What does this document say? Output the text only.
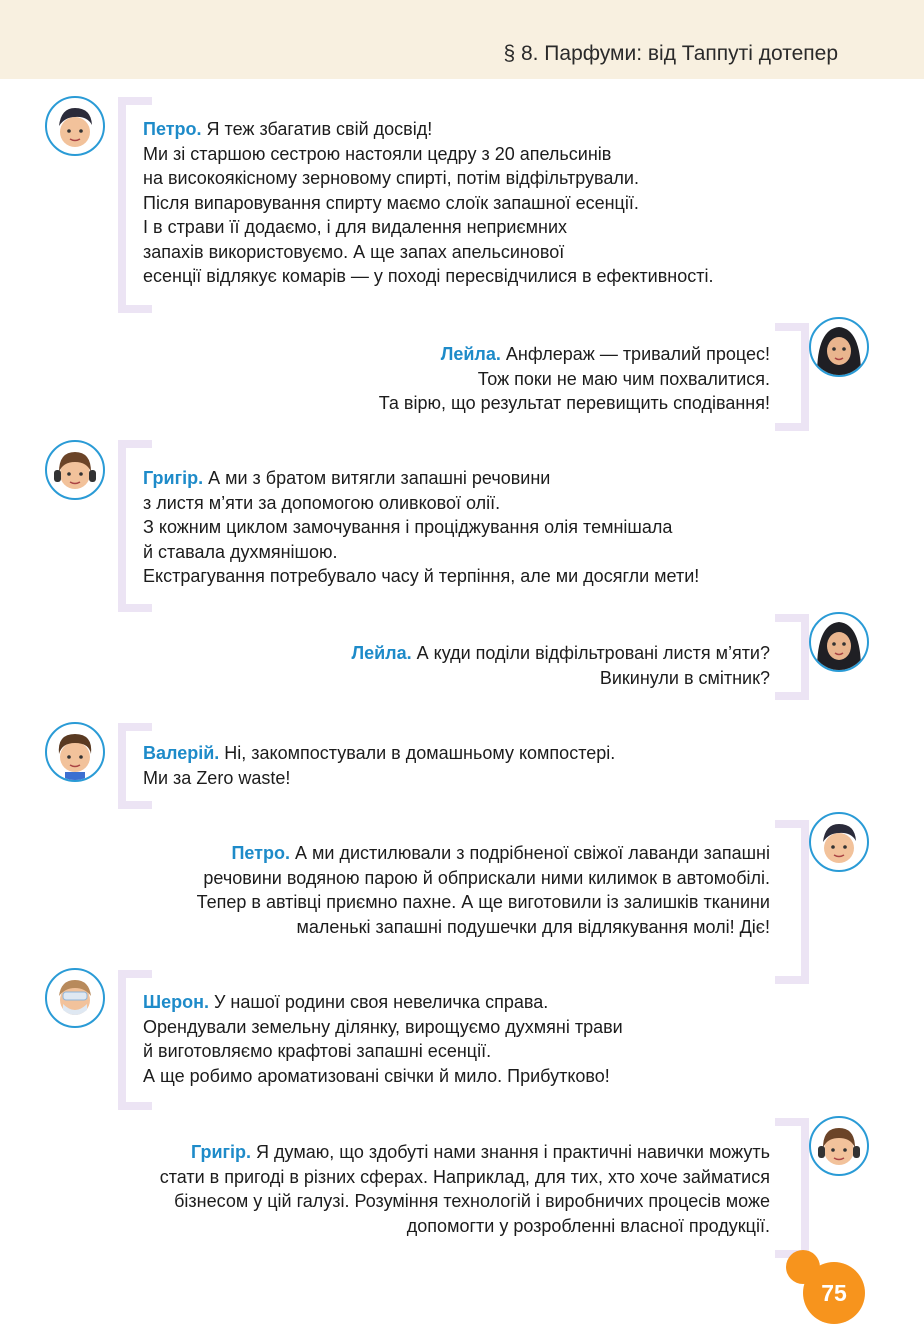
§ 8. Парфуми: від Таппуті дотепер

Петро. Я теж збагатив свій досвід!

Ми зі старшою сестрою настояли цедру з 20 апельсинів

на високоякісному зерновому спирті, потім відфільтрували.

Після випаровування спирту маємо слоїк запашної есенції.

І в страви її додаємо, і для видалення неприємних

запахів використовуємо. А ще запах апельсинової

есенції відлякує комарів — у поході пересвідчилися в ефективності.

Лейла. Анфлераж — тривалий процес!

Тож поки не маю чим похвалитися.

Та вірю, що результат перевищить сподівання!

Григір. А ми з братом витягли запашні речовини

з листя м’яти за допомогою оливкової олії.

З кожним циклом замочування і проціджування олія темнішала

й ставала духмянішою.

Екстрагування потребувало часу й терпіння, але ми досягли мети!

Лейла. А куди поділи відфільтровані листя м’яти?

Викинули в смітник?

Валерій. Ні, закомпостували в домашньому компостері.

Ми за Zero waste!

Петро. А ми дистилювали з подрібненої свіжої лаванди запашні

речовини водяною парою й обприскали ними килимок в автомобілі.

Тепер в автівці приємно пахне. А ще виготовили із залишків тканини

маленькі запашні подушечки для відлякування молі! Діє!

Шерон. У нашої родини своя невеличка справа.

Орендували земельну ділянку, вирощуємо духмяні трави

й виготовляємо крафтові запашні есенції.

А ще робимо ароматизовані свічки й мило. Прибутково!

Григір. Я думаю, що здобуті нами знання і практичні навички можуть

стати в пригоді в різних сферах. Наприклад, для тих, хто хоче займатися

бізнесом у цій галузі. Розуміння технологій і виробничих процесів може

допомогти у розробленні власної продукції.

75
